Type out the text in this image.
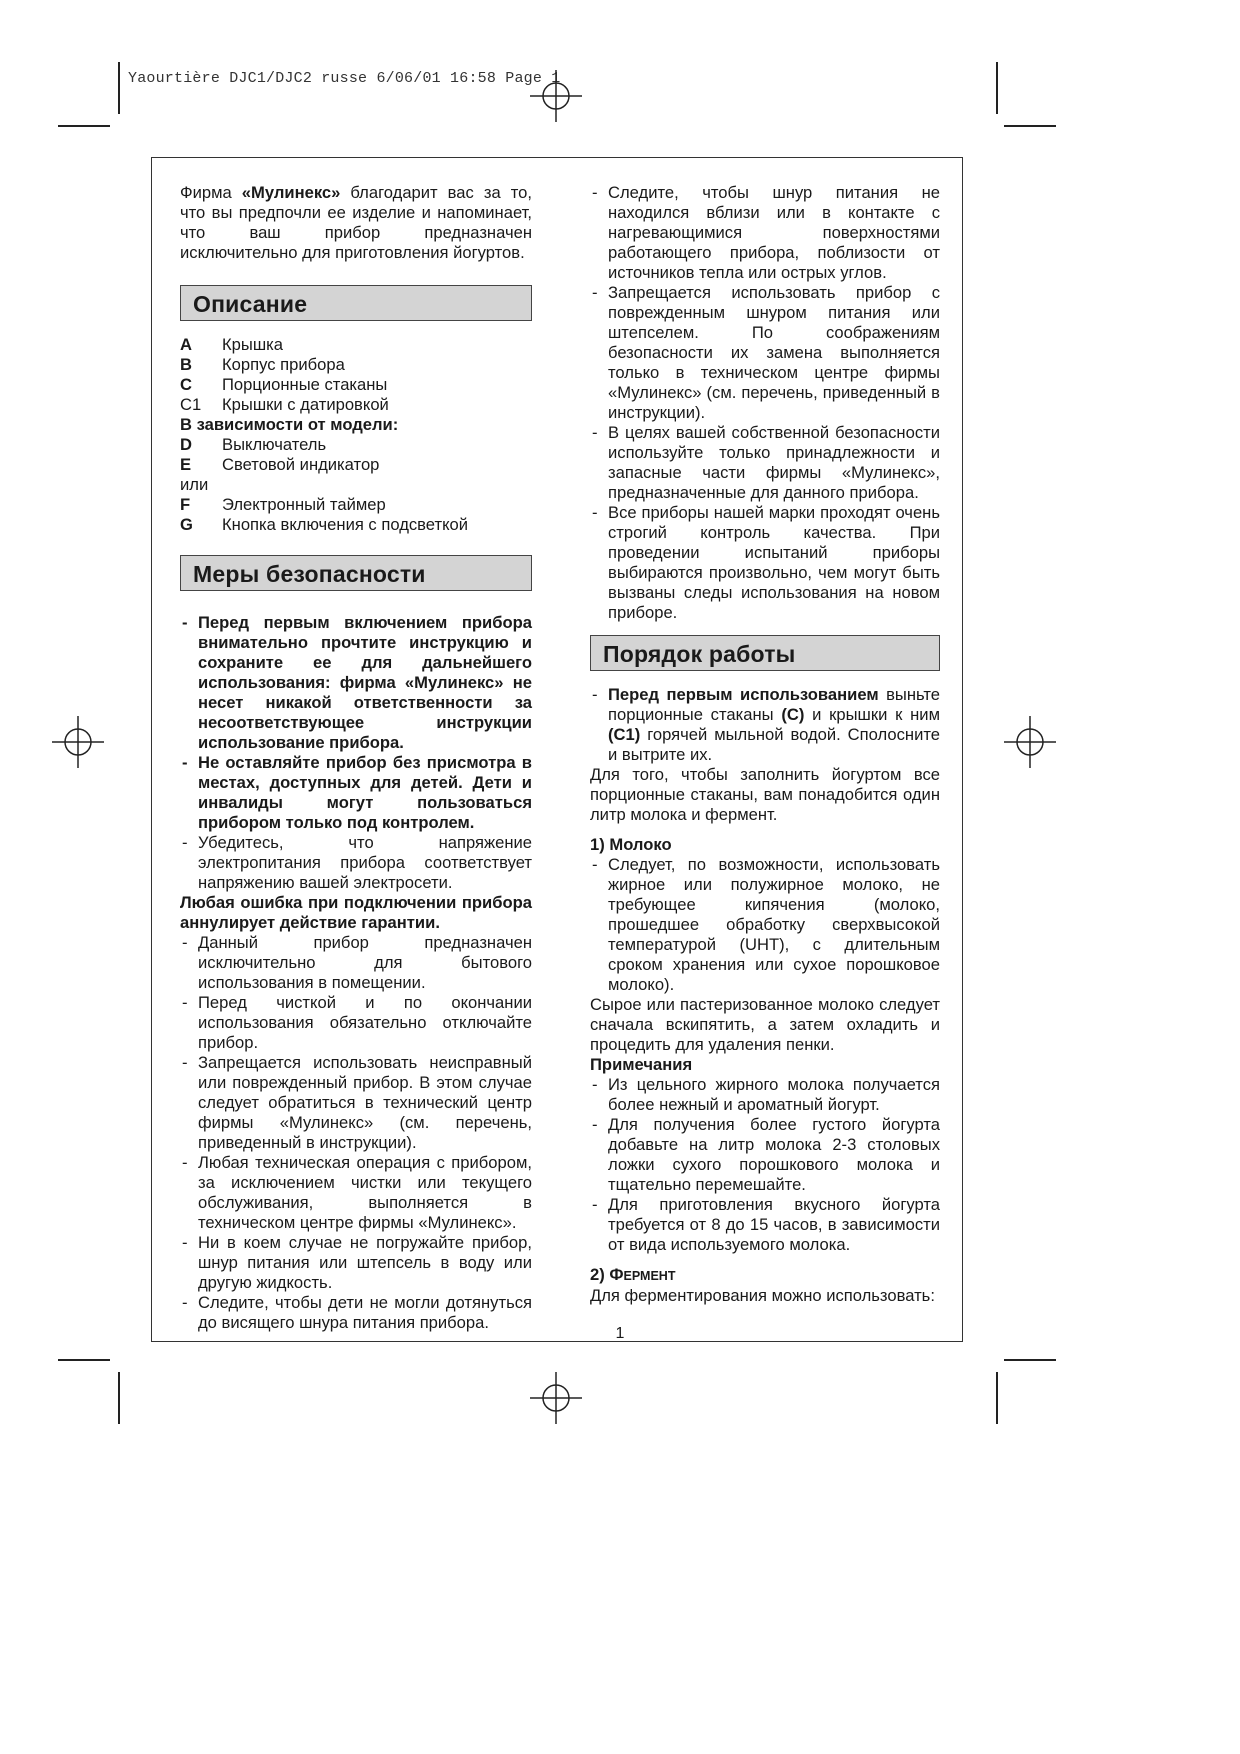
Yaourtière DJC1/DJC2 russe 6/06/01 16:58 Page 1

Фирма «Мулинекс» благодарит вас за то, что вы предпочли ее изделие и напоминает, что ваш прибор предназначен исключительно для приготовления йогуртов.

Описание
A	Крышка
B	Корпус прибора
C	Порционные стаканы
C1	Крышки с датировкой

В зависимости от модели:

D	Выключатель
E	Световой индикатор

или

F	Электронный таймер
G	Кнопка включения с подсветкой
Меры безопасности
- Перед первым включением прибора внимательно прочтите инструкцию и сохраните ее для дальнейшего использования: фирма «Мулинекс» не несет никакой ответственности за несоответствующее инструкции использование прибора.
- Не оставляйте прибор без присмотра в местах, доступных для детей. Дети и инвалиды могут пользоваться прибором только под контролем.
- Убедитесь, что напряжение электропитания прибора соответствует напряжению вашей электросети.

Любая ошибка при подключении прибора аннулирует действие гарантии.

- Данный прибор предназначен исключительно для бытового использования в помещении.
- Перед чисткой и по окончании использования обязательно отключайте прибор.
- Запрещается использовать неисправный или поврежденный прибор. В этом случае следует обратиться в технический центр фирмы «Мулинекс» (см. перечень, приведенный в инструкции).
- Любая техническая операция с прибором, за исключением чистки или текущего обслуживания, выполняется в техническом центре фирмы «Мулинекс».
- Ни в коем случае не погружайте прибор, шнур питания или штепсель в воду или другую жидкость.
- Следите, чтобы дети не могли дотянуться до висящего шнура питания прибора.
- Следите, чтобы шнур питания не находился вблизи или в контакте с нагревающимися поверхностями работающего прибора, поблизости от источников тепла или острых углов.
- Запрещается использовать прибор с поврежденным шнуром питания или штепселем. По соображениям безопасности их замена выполняется только в техническом центре фирмы «Мулинекс» (см. перечень, приведенный в инструкции).
- В целях вашей собственной безопасности используйте только принадлежности и запасные части фирмы «Мулинекс», предназначенные для данного прибора.
- Все приборы нашей марки проходят очень строгий контроль качества. При проведении испытаний приборы выбираются произвольно, чем могут быть вызваны следы использования на новом приборе.
Порядок работы
- Перед первым использованием выньте порционные стаканы (C) и крышки к ним (C1) горячей мыльной водой. Сполосните и вытрите их.

Для того, чтобы заполнить йогуртом все порционные стаканы, вам понадобится один литр молока и фермент.

1) Молоко

- Следует, по возможности, использовать жирное или полужирное молоко, не требующее кипячения (молоко, прошедшее обработку сверхвысокой температурой (UHT), с длительным сроком хранения или сухое порошковое молоко).

Сырое или пастеризованное молоко следует сначала вскипятить, а затем охладить и процедить для удаления пенки.

Примечания

- Из цельного жирного молока получается более нежный и ароматный йогурт.
- Для получения более густого йогурта добавьте на литр молока 2-3 столовых ложки сухого порошкового молока и тщательно перемешайте.
- Для приготовления вкусного йогурта требуется от 8 до 15 часов, в зависимости от вида используемого молока.

2) ФЕРМЕНТ

Для ферментирования можно использовать:

1
